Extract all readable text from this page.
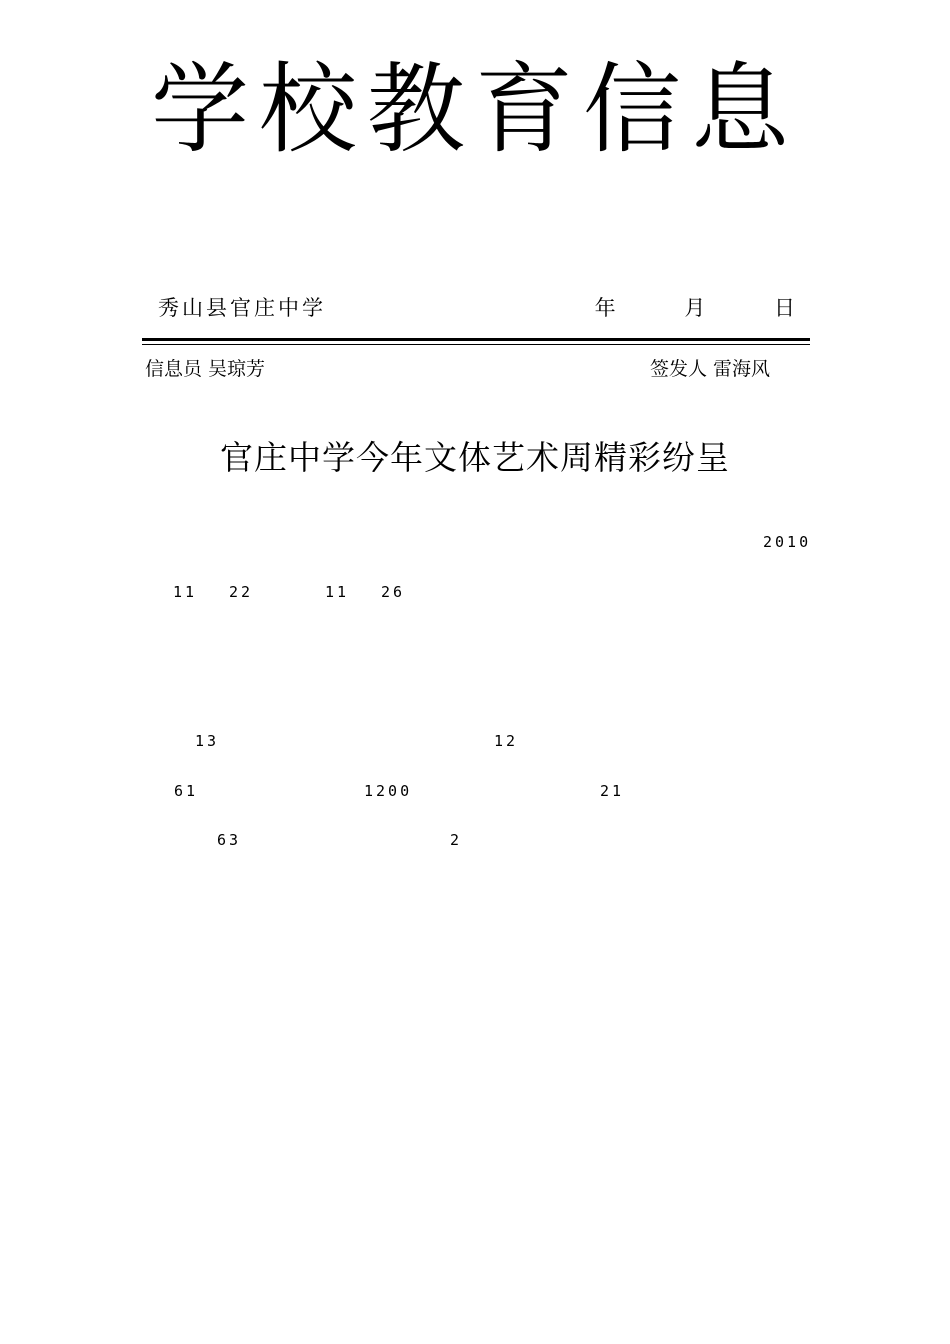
学校教育信息
秀山县官庄中学	年	月	日
信息员 吴琼芳	签发人 雷海风
官庄中学今年文体艺术周精彩纷呈
2010
11 22	11 26
13	12
61	1200	21
63	2
